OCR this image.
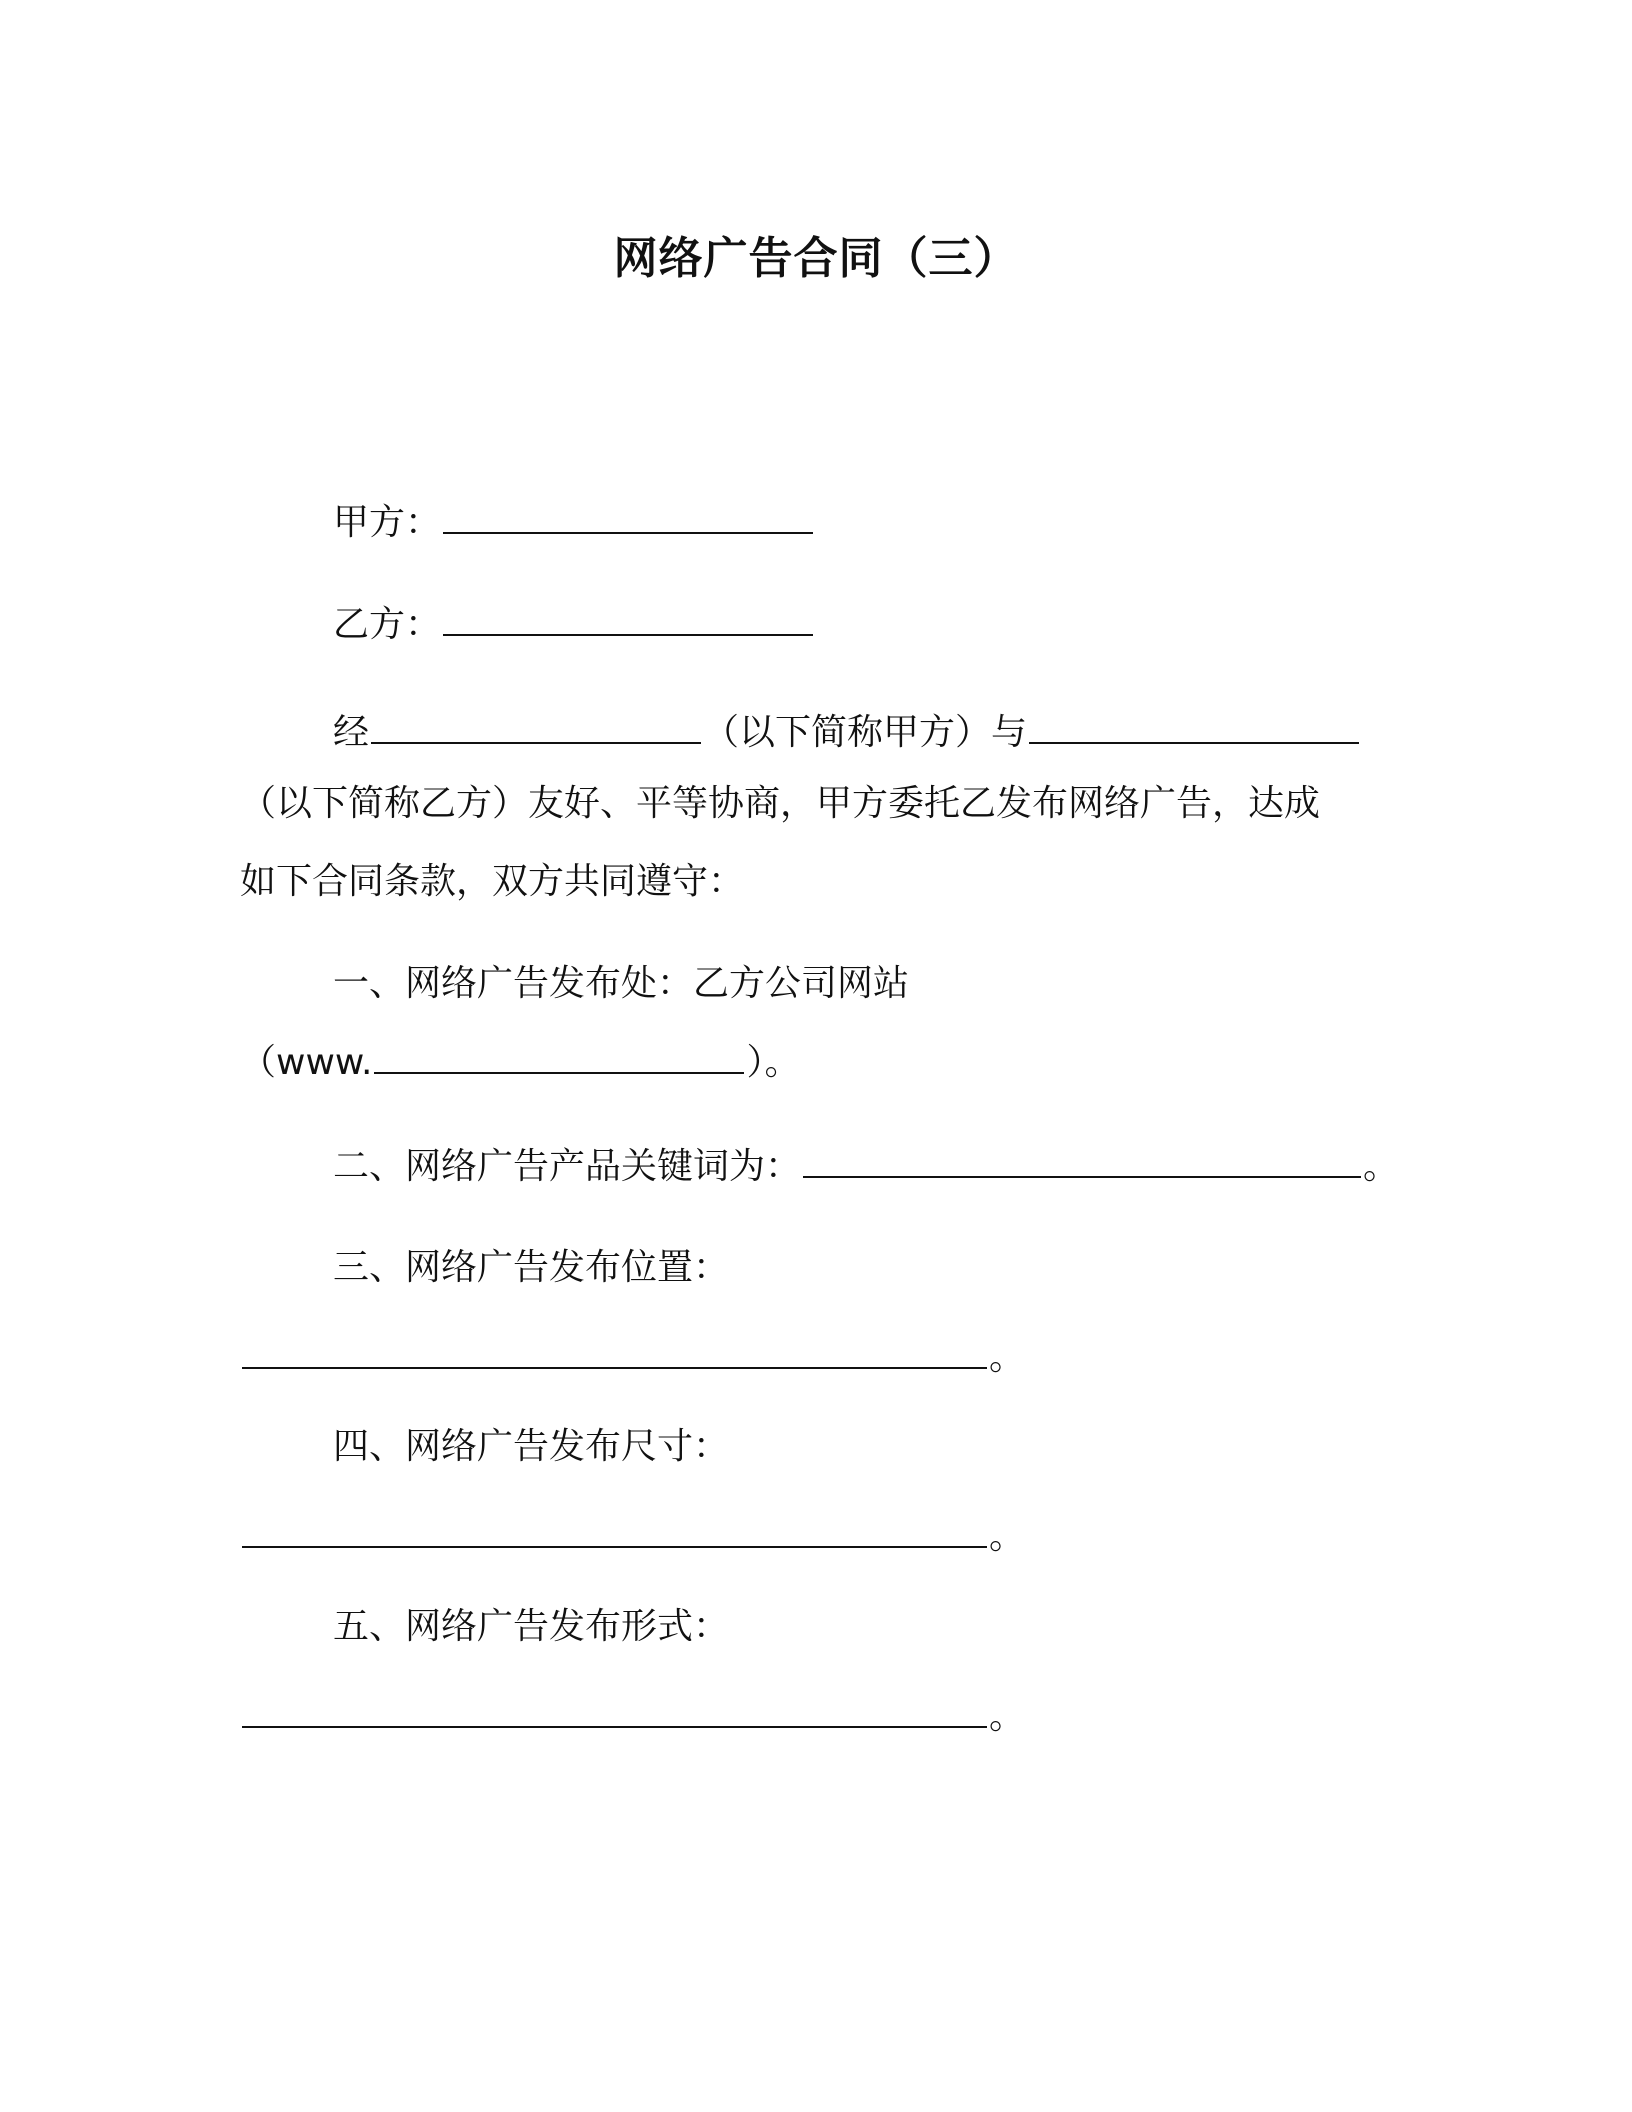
网络广告合同（三）
甲方：
乙方：
经	（以下简称甲方）与
（以下简称乙方）友好、平等协商，甲方委托乙发布网络广告，达成
如下合同条款，双方共同遵守：
一、网络广告发布处：乙方公司网站
（www.	）。
二、网络广告产品关键词为：	。
三、网络广告发布位置：
。
四、网络广告发布尺寸：
。
五、网络广告发布形式：
。
